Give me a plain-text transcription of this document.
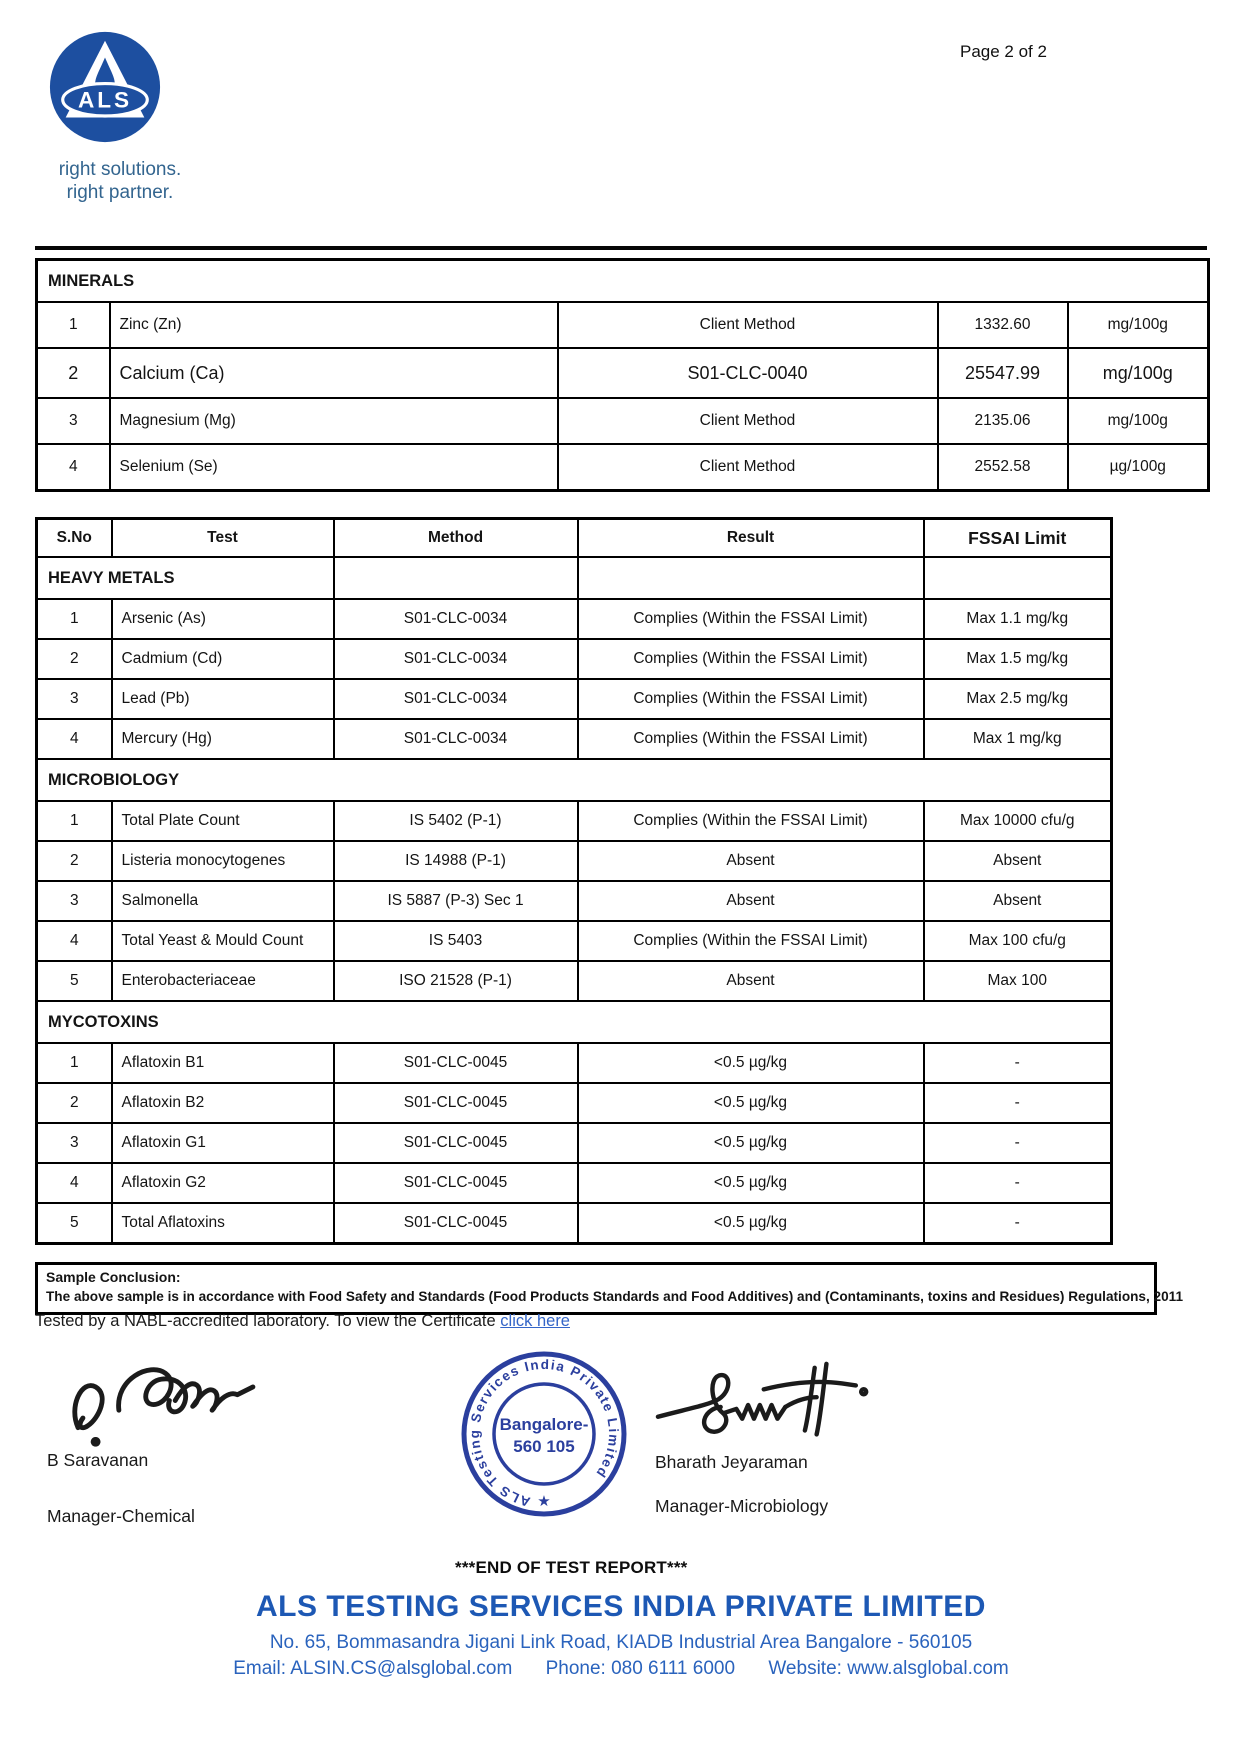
ALS
right solutions.
right partner.
Page 2 of 2
MINERALS				
1	Zinc (Zn)	Client Method	1332.60	mg/100g
2	Calcium (Ca)	S01-CLC-0040	25547.99	mg/100g
3	Magnesium (Mg)	Client Method	2135.06	mg/100g
4	Selenium (Se)	Client Method	2552.58	µg/100g
S.No	Test	Method	Result	FSSAI Limit
HEAVY METALS				
1	Arsenic (As)	S01-CLC-0034	Complies (Within the FSSAI Limit)	Max 1.1 mg/kg
2	Cadmium (Cd)	S01-CLC-0034	Complies (Within the FSSAI Limit)	Max 1.5 mg/kg
3	Lead (Pb)	S01-CLC-0034	Complies (Within the FSSAI Limit)	Max 2.5 mg/kg
4	Mercury (Hg)	S01-CLC-0034	Complies (Within the FSSAI Limit)	Max 1 mg/kg
MICROBIOLOGY				
1	Total Plate Count	IS 5402 (P-1)	Complies (Within the FSSAI Limit)	Max 10000 cfu/g
2	Listeria monocytogenes	IS 14988 (P-1)	Absent	Absent
3	Salmonella	IS 5887 (P-3) Sec 1	Absent	Absent
4	Total Yeast & Mould Count	IS 5403	Complies (Within the FSSAI Limit)	Max 100 cfu/g
5	Enterobacteriaceae	ISO 21528 (P-1)	Absent	Max 100
MYCOTOXINS				
1	Aflatoxin B1	S01-CLC-0045	<0.5 µg/kg	-
2	Aflatoxin B2	S01-CLC-0045	<0.5 µg/kg	-
3	Aflatoxin G1	S01-CLC-0045	<0.5 µg/kg	-
4	Aflatoxin G2	S01-CLC-0045	<0.5 µg/kg	-
5	Total Aflatoxins	S01-CLC-0045	<0.5 µg/kg	-
Sample Conclusion:
The above sample is in accordance with Food Safety and Standards (Food Products Standards and Food Additives) and (Contaminants, toxins and Residues) Regulations, 2011
Tested by a NABL-accredited laboratory. To view the Certificate click here
B Saravanan
Manager-Chemical
ALS Testing Services India Private Limited
★
Bangalore-
560 105
Bharath Jeyaraman
Manager-Microbiology
***END OF TEST REPORT***
ALS TESTING SERVICES INDIA PRIVATE LIMITED
No. 65, Bommasandra Jigani Link Road, KIADB Industrial Area Bangalore - 560105
Email: ALSIN.CS@alsglobal.com Phone: 080 6111 6000 Website: www.alsglobal.com
